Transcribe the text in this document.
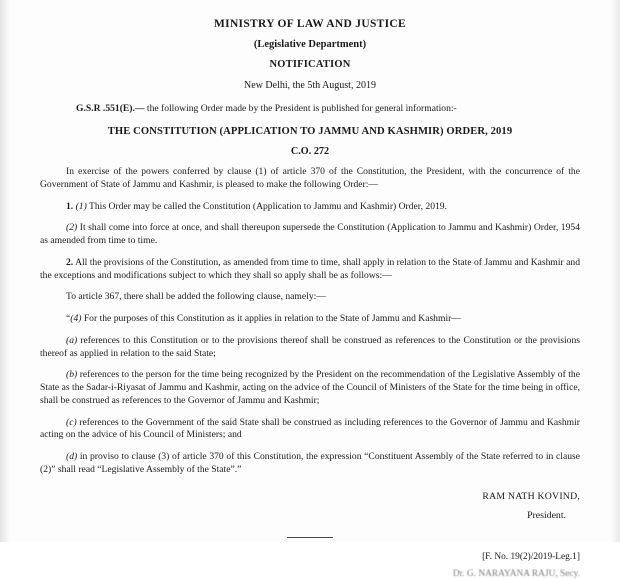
MINISTRY OF LAW AND JUSTICE
(Legislative Department)
NOTIFICATION
New Delhi, the 5th August, 2019
G.S.R .551(E).— the following Order made by the President is published for general information:-
THE CONSTITUTION (APPLICATION TO JAMMU AND KASHMIR) ORDER, 2019
C.O. 272

In exercise of the powers conferred by clause (1) of article 370 of the Constitution, the President, with the concurrence of the Government of State of Jammu and Kashmir, is pleased to make the following Order:—

1. (1) This Order may be called the Constitution (Application to Jammu and Kashmir) Order, 2019.

(2) It shall come into force at once, and shall thereupon supersede the Constitution (Application to Jammu and Kashmir) Order, 1954 as amended from time to time.

2. All the provisions of the Constitution, as amended from time to time, shall apply in relation to the State of Jammu and Kashmir and the exceptions and modifications subject to which they shall so apply shall be as follows:—

To article 367, there shall be added the following clause, namely:—

“(4) For the purposes of this Constitution as it applies in relation to the State of Jammu and Kashmir—

(a) references to this Constitution or to the provisions thereof shall be construed as references to the Constitution or the provisions thereof as applied in relation to the said State;

(b) references to the person for the time being recognized by the President on the recommendation of the Legislative Assembly of the State as the Sadar-i-Riyasat of Jammu and Kashmir, acting on the advice of the Council of Ministers of the State for the time being in office, shall be construed as references to the Governor of Jammu and Kashmir;

(c) references to the Government of the said State shall be construed as including references to the Governor of Jammu and Kashmir acting on the advice of his Council of Ministers; and

(d) in proviso to clause (3) of article 370 of this Constitution, the expression “Constituent Assembly of the State referred to in clause (2)” shall read “Legislative Assembly of the State”.”

RAM NATH KOVIND,
President.
[F. No. 19(2)/2019-Leg.1]
Dr. G. NARAYANA RAJU, Secy.
